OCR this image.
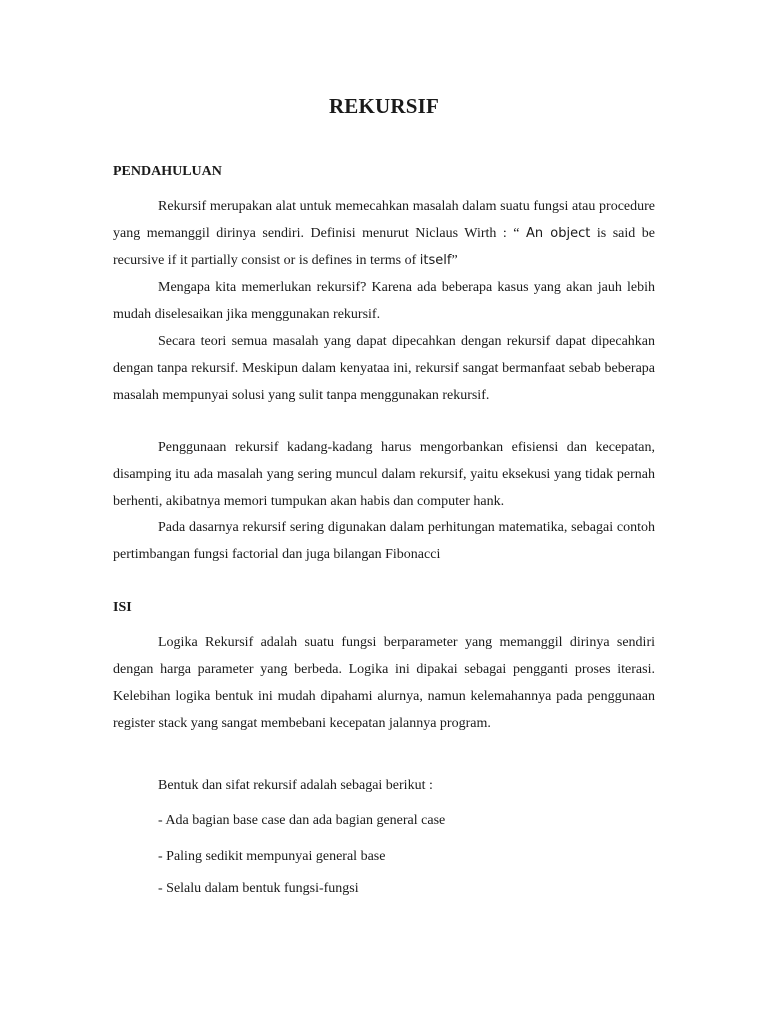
REKURSIF
PENDAHULUAN
Rekursif merupakan alat untuk memecahkan masalah dalam suatu fungsi atau procedure yang memanggil dirinya sendiri. Definisi menurut Niclaus Wirth : “ An object is said be recursive if it partially consist or is defines in terms of itself”
Mengapa kita memerlukan rekursif? Karena ada beberapa kasus yang akan jauh lebih mudah diselesaikan jika menggunakan rekursif.
Secara teori semua masalah yang dapat dipecahkan dengan rekursif dapat dipecahkan dengan tanpa rekursif. Meskipun dalam kenyataa ini, rekursif sangat bermanfaat sebab beberapa masalah mempunyai solusi yang sulit tanpa menggunakan rekursif.
Penggunaan rekursif kadang-kadang harus mengorbankan efisiensi dan kecepatan, disamping itu ada masalah yang sering muncul dalam rekursif, yaitu eksekusi yang tidak pernah berhenti, akibatnya memori tumpukan akan habis dan computer hank.
Pada dasarnya rekursif sering digunakan dalam perhitungan matematika, sebagai contoh pertimbangan fungsi factorial dan juga bilangan Fibonacci
ISI
Logika Rekursif adalah suatu fungsi berparameter yang memanggil dirinya sendiri dengan harga parameter yang berbeda. Logika ini dipakai sebagai pengganti proses iterasi. Kelebihan logika bentuk ini mudah dipahami alurnya, namun kelemahannya pada penggunaan register stack yang sangat membebani kecepatan jalannya program.
Bentuk dan sifat rekursif adalah sebagai berikut :
- Ada bagian base case dan ada bagian general case
- Paling sedikit mempunyai general base
- Selalu dalam bentuk fungsi-fungsi
